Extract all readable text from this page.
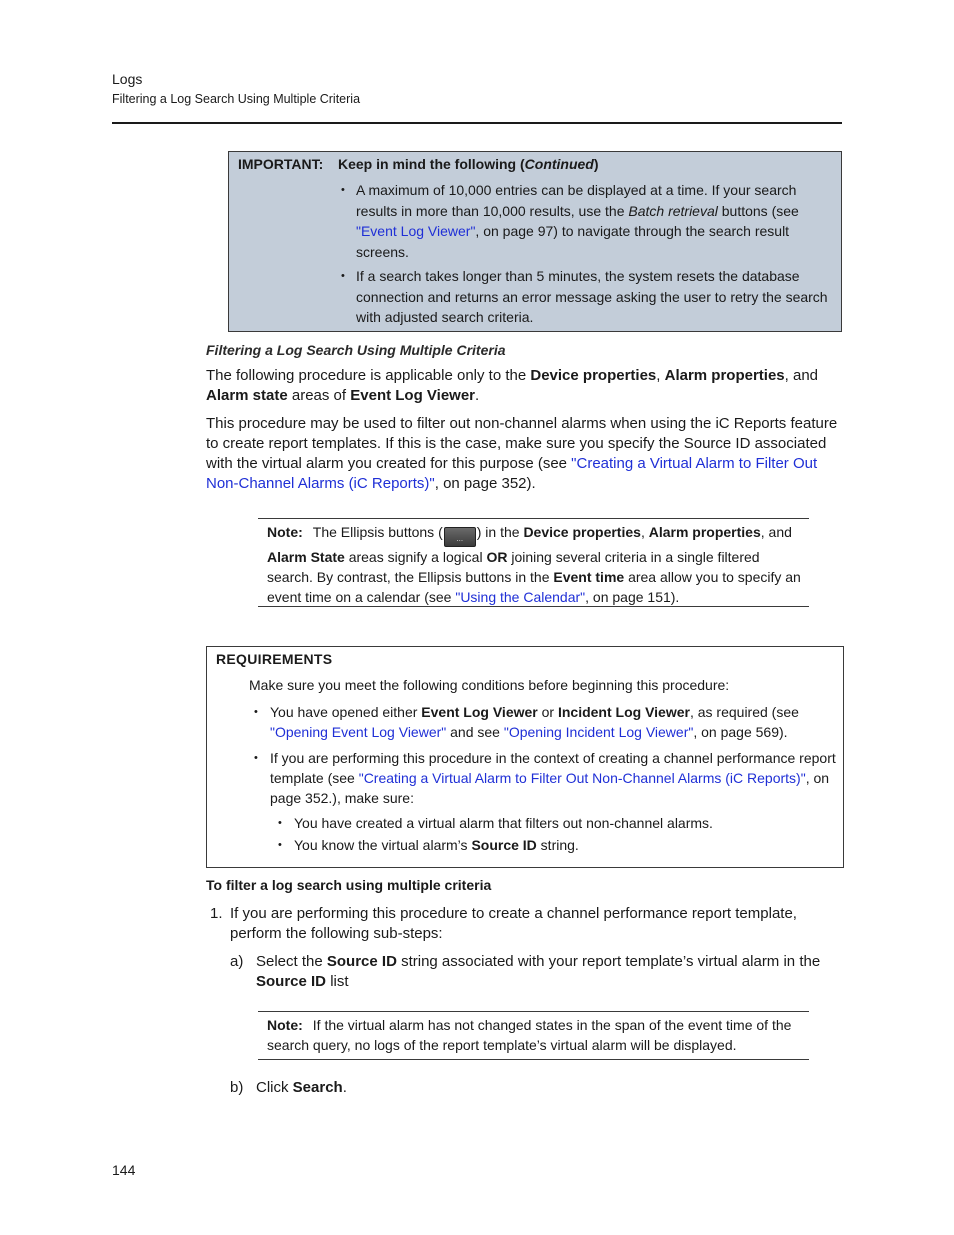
Logs
Filtering a Log Search Using Multiple Criteria
IMPORTANT: Keep in mind the following (Continued)
• A maximum of 10,000 entries can be displayed at a time. If your search results in more than 10,000 results, use the Batch retrieval buttons (see "Event Log Viewer", on page 97) to navigate through the search result screens.
• If a search takes longer than 5 minutes, the system resets the database connection and returns an error message asking the user to retry the search with adjusted search criteria.
Filtering a Log Search Using Multiple Criteria

The following procedure is applicable only to the Device properties, Alarm properties, and Alarm state areas of Event Log Viewer.

This procedure may be used to filter out non-channel alarms when using the iC Reports feature to create report templates. If this is the case, make sure you specify the Source ID associated with the virtual alarm you created for this purpose (see "Creating a Virtual Alarm to Filter Out Non-Channel Alarms (iC Reports)", on page 352).

Note: The Ellipsis buttons ( ... ) in the Device properties, Alarm properties, and Alarm State areas signify a logical OR joining several criteria in a single filtered search. By contrast, the Ellipsis buttons in the Event time area allow you to specify an event time on a calendar (see "Using the Calendar", on page 151).

REQUIREMENTS
Make sure you meet the following conditions before beginning this procedure:
• You have opened either Event Log Viewer or Incident Log Viewer, as required (see "Opening Event Log Viewer" and see "Opening Incident Log Viewer", on page 569).
• If you are performing this procedure in the context of creating a channel performance report template (see "Creating a Virtual Alarm to Filter Out Non-Channel Alarms (iC Reports)", on page 352.), make sure:
• You have created a virtual alarm that filters out non-channel alarms.
• You know the virtual alarm’s Source ID string.
To filter a log search using multiple criteria
1. If you are performing this procedure to create a channel performance report template, perform the following sub-steps:

a) Select the Source ID string associated with your report template’s virtual alarm in the Source ID list

Note: If the virtual alarm has not changed states in the span of the event time of the search query, no logs of the report template’s virtual alarm will be displayed.

b) Click Search.
144
